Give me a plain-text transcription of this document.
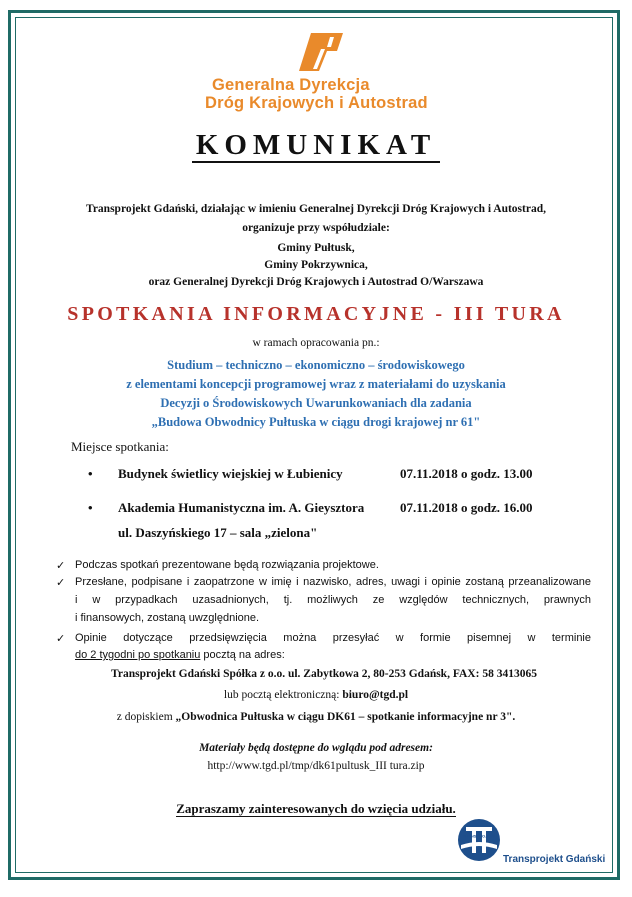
Generalna Dyrekcja
Dróg Krajowych i Autostrad
KOMUNIKAT
Transprojekt Gdański, działając w imieniu Generalnej Dyrekcji Dróg Krajowych i Autostrad,
organizuje przy współudziale:
Gminy Pułtusk,
Gminy Pokrzywnica,
oraz Generalnej Dyrekcji Dróg Krajowych i Autostrad O/Warszawa
SPOTKANIA INFORMACYJNE - III TURA
w ramach opracowania pn.:
Studium – techniczno – ekonomiczno – środowiskowego
z elementami koncepcji programowej wraz z materiałami do uzyskania
Decyzji o Środowiskowych Uwarunkowaniach dla zadania
„Budowa Obwodnicy Pułtuska w ciągu drogi krajowej nr 61"
Miejsce spotkania:
• Budynek świetlicy wiejskiej w Łubienicy	07.11.2018 o godz. 13.00
• Akademia Humanistyczna im. A. Gieysztora	07.11.2018 o godz. 16.00
ul. Daszyńskiego 17 – sala „zielona"
✓ Podczas spotkań prezentowane będą rozwiązania projektowe.
✓ Przesłane, podpisane i zaopatrzone w imię i nazwisko, adres, uwagi i opinie zostaną przeanalizowane
i w przypadkach uzasadnionych, tj. możliwych ze względów technicznych, prawnych
i finansowych, zostaną uwzględnione.
✓ Opinie dotyczące przedsięwzięcia można przesyłać w formie pisemnej w terminie
do 2 tygodni po spotkaniu pocztą na adres:
Transprojekt Gdański Spółka z o.o. ul. Zabytkowa 2, 80-253 Gdańsk, FAX: 58 3413065
lub pocztą elektroniczną: biuro@tgd.pl
z dopiskiem „Obwodnica Pułtuska w ciągu DK61 – spotkanie informacyjne nr 3".
Materiały będą dostępne do wglądu pod adresem:
http://www.tgd.pl/tmp/dk61pultusk_III tura.zip
Zapraszamy zainteresowanych do wzięcia udziału.
TRANSPROJEKT
Transprojekt Gdański
